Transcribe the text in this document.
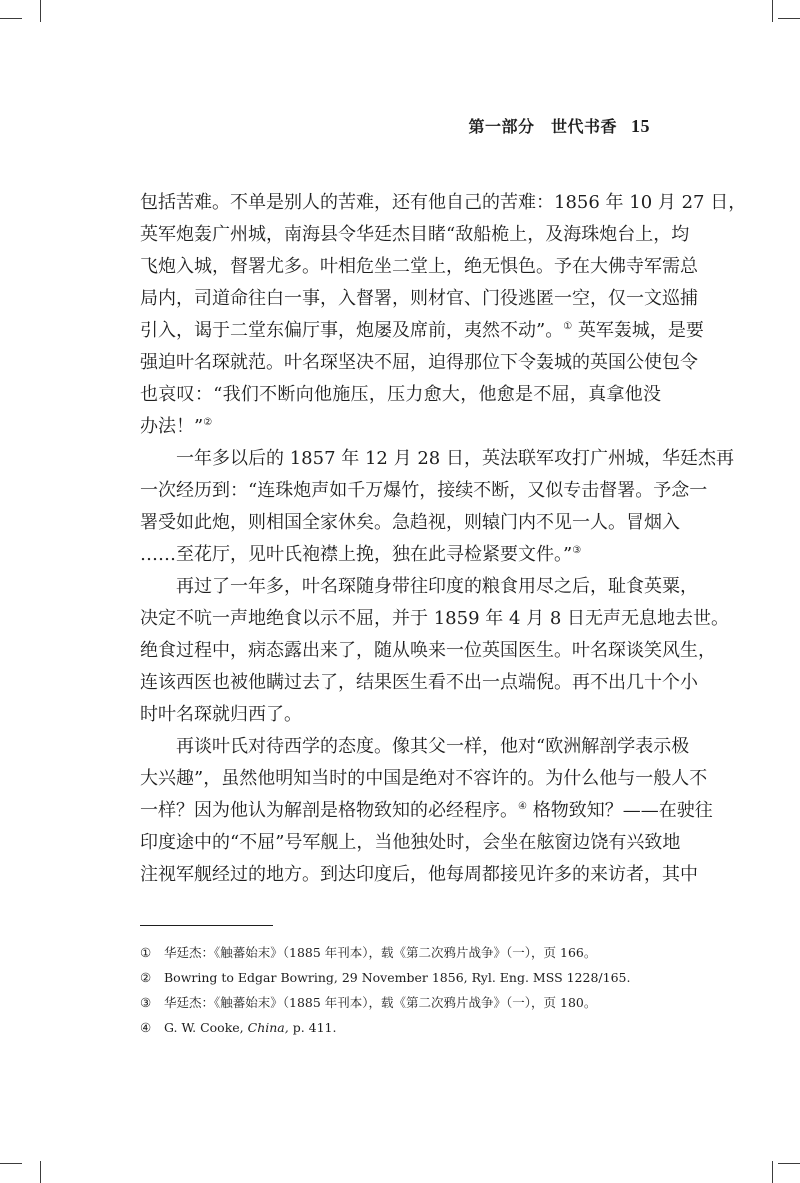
第一部分　世代书香 15
包括苦难。不单是别人的苦难，还有他自己的苦难：1856 年 10 月 27 日，
英军炮轰广州城，南海县令华廷杰目睹“敌船桅上，及海珠炮台上，均
飞炮入城，督署尤多。叶相危坐二堂上，绝无惧色。予在大佛寺军需总
局内，司道命往白一事，入督署，则材官、门役逃匿一空，仅一文巡捕
引入，谒于二堂东偏厅事，炮屡及席前，夷然不动”。① 英军轰城，是要
强迫叶名琛就范。叶名琛坚决不屈，迫得那位下令轰城的英国公使包令
也哀叹：“我们不断向他施压，压力愈大，他愈是不屈，真拿他没
办法！”②
一年多以后的 1857 年 12 月 28 日，英法联军攻打广州城，华廷杰再
一次经历到：“连珠炮声如千万爆竹，接续不断，又似专击督署。予念一
署受如此炮，则相国全家休矣。急趋视，则辕门内不见一人。冒烟入
……至花厅，见叶氏袍襟上挽，独在此寻检紧要文件。”③
再过了一年多，叶名琛随身带往印度的粮食用尽之后，耻食英粟，
决定不吭一声地绝食以示不屈，并于 1859 年 4 月 8 日无声无息地去世。
绝食过程中，病态露出来了，随从唤来一位英国医生。叶名琛谈笑风生，
连该西医也被他瞒过去了，结果医生看不出一点端倪。再不出几十个小
时叶名琛就归西了。
再谈叶氏对待西学的态度。像其父一样，他对“欧洲解剖学表示极
大兴趣”，虽然他明知当时的中国是绝对不容许的。为什么他与一般人不
一样？因为他认为解剖是格物致知的必经程序。④ 格物致知？——在驶往
印度途中的“不屈”号军舰上，当他独处时，会坐在舷窗边饶有兴致地
注视军舰经过的地方。到达印度后，他每周都接见许多的来访者，其中
① 华廷杰：《触蕃始末》（1885 年刊本），载《第二次鸦片战争》（一），页 166。
② Bowring to Edgar Bowring, 29 November 1856, Ryl. Eng. MSS 1228/165.
③ 华廷杰：《触蕃始末》（1885 年刊本），载《第二次鸦片战争》（一），页 180。
④ G. W. Cooke, China, p. 411.
